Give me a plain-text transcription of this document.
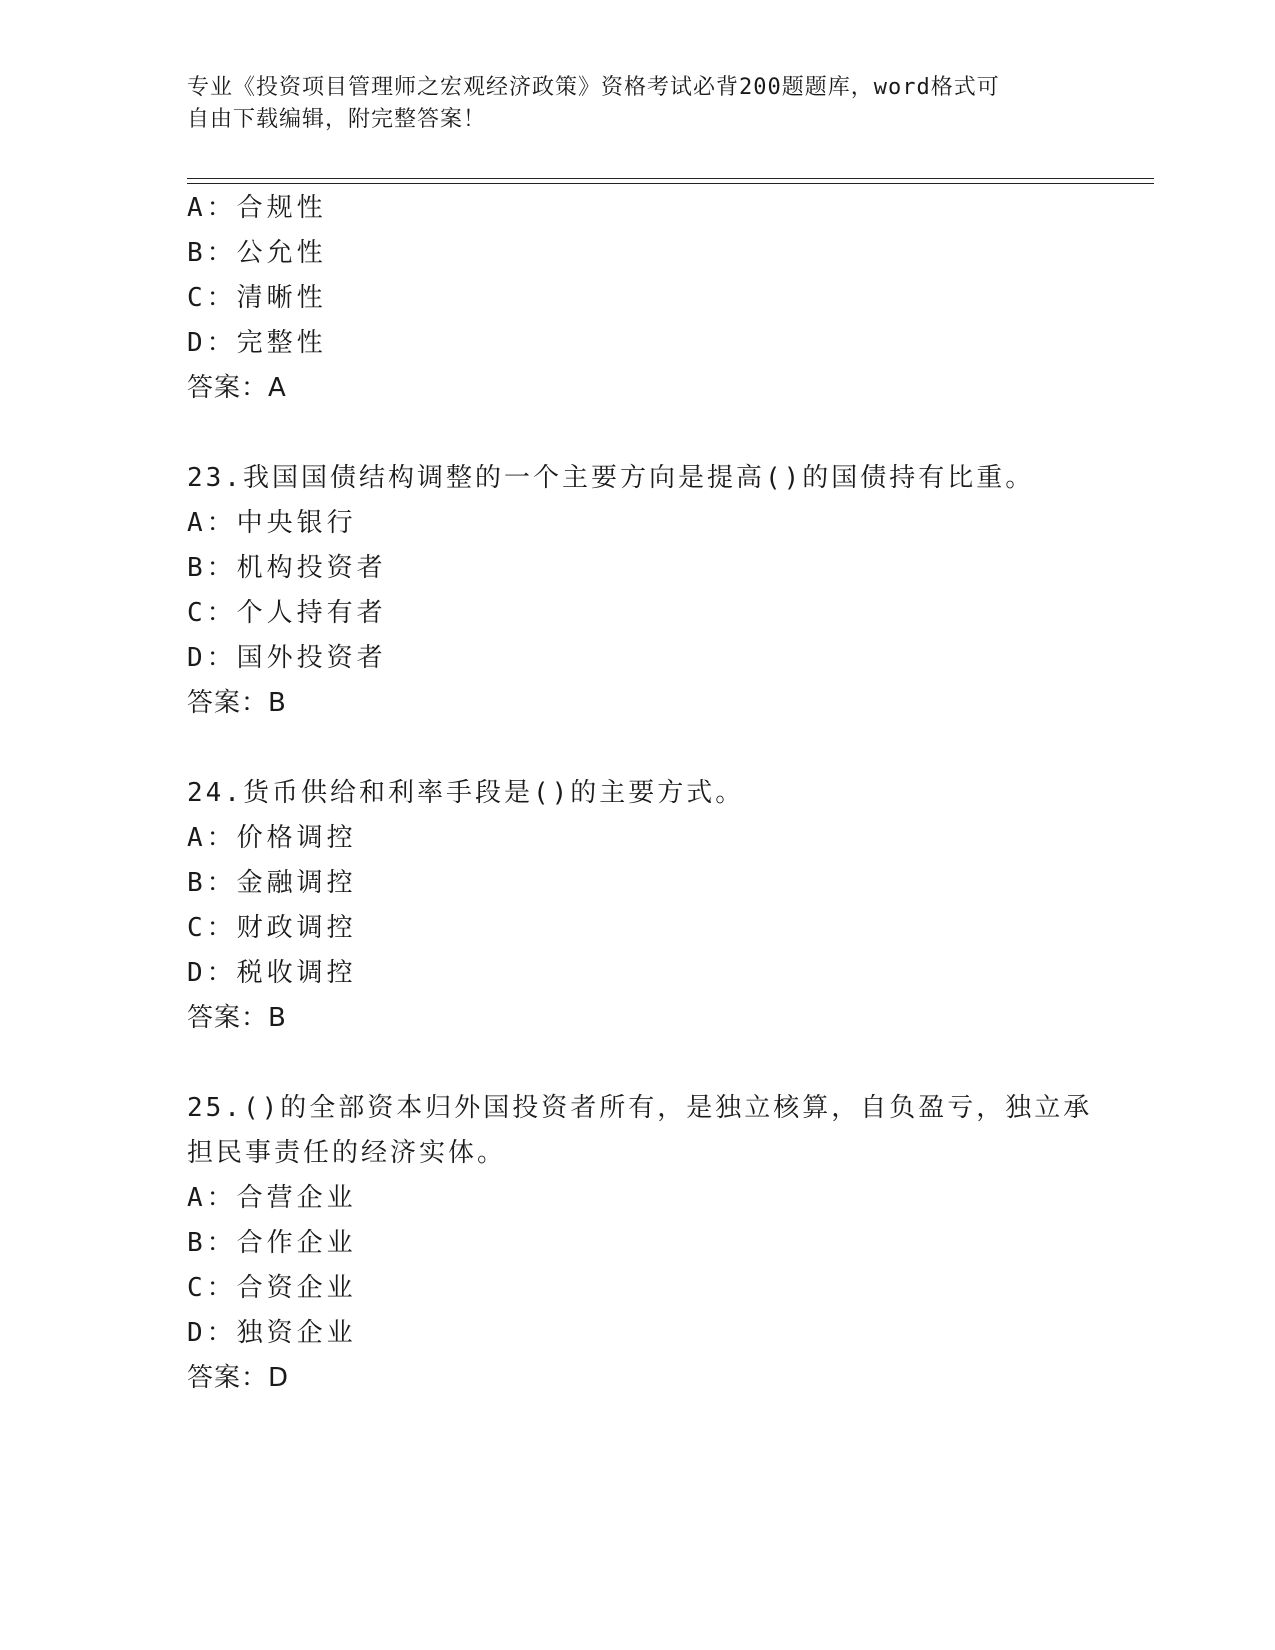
专业《投资项目管理师之宏观经济政策》资格考试必背200题题库，word格式可
自由下载编辑，附完整答案！
A：合规性
B：公允性
C：清晰性
D：完整性
答案：A
23.我国国债结构调整的一个主要方向是提高()的国债持有比重。
A：中央银行
B：机构投资者
C：个人持有者
D：国外投资者
答案：B
24.货币供给和利率手段是()的主要方式。
A：价格调控
B：金融调控
C：财政调控
D：税收调控
答案：B
25.()的全部资本归外国投资者所有，是独立核算，自负盈亏，独立承
担民事责任的经济实体。
A：合营企业
B：合作企业
C：合资企业
D：独资企业
答案：D
